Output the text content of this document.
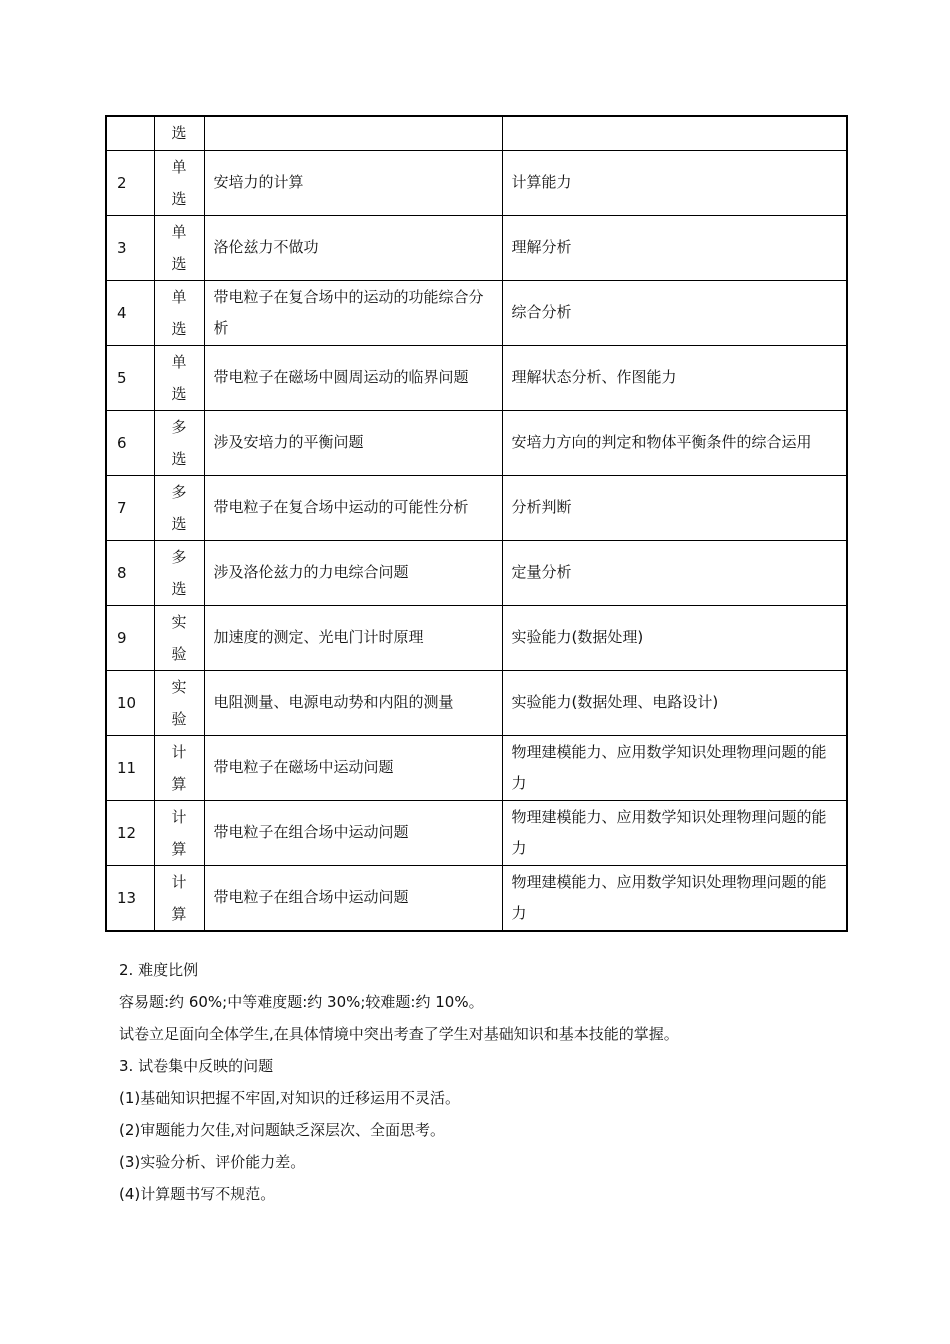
	选		

2	单选	安培力的计算	计算能力
3	单选	洛伦兹力不做功	理解分析
4	单选	带电粒子在复合场中的运动的功能综合分析	综合分析
5	单选	带电粒子在磁场中圆周运动的临界问题	理解状态分析、作图能力
6	多选	涉及安培力的平衡问题	安培力方向的判定和物体平衡条件的综合运用
7	多选	带电粒子在复合场中运动的可能性分析	分析判断
8	多选	涉及洛伦兹力的力电综合问题	定量分析
9	实验	加速度的测定、光电门计时原理	实验能力(数据处理)
10	实验	电阻测量、电源电动势和内阻的测量	实验能力(数据处理、电路设计)
11	计算	带电粒子在磁场中运动问题	物理建模能力、应用数学知识处理物理问题的能力
12	计算	带电粒子在组合场中运动问题	物理建模能力、应用数学知识处理物理问题的能力
13	计算	带电粒子在组合场中运动问题	物理建模能力、应用数学知识处理物理问题的能力
2. 难度比例
容易题:约 60%;中等难度题:约 30%;较难题:约 10%。
试卷立足面向全体学生,在具体情境中突出考查了学生对基础知识和基本技能的掌握。
3. 试卷集中反映的问题
(1)基础知识把握不牢固,对知识的迁移运用不灵活。
(2)审题能力欠佳,对问题缺乏深层次、全面思考。
(3)实验分析、评价能力差。
(4)计算题书写不规范。
